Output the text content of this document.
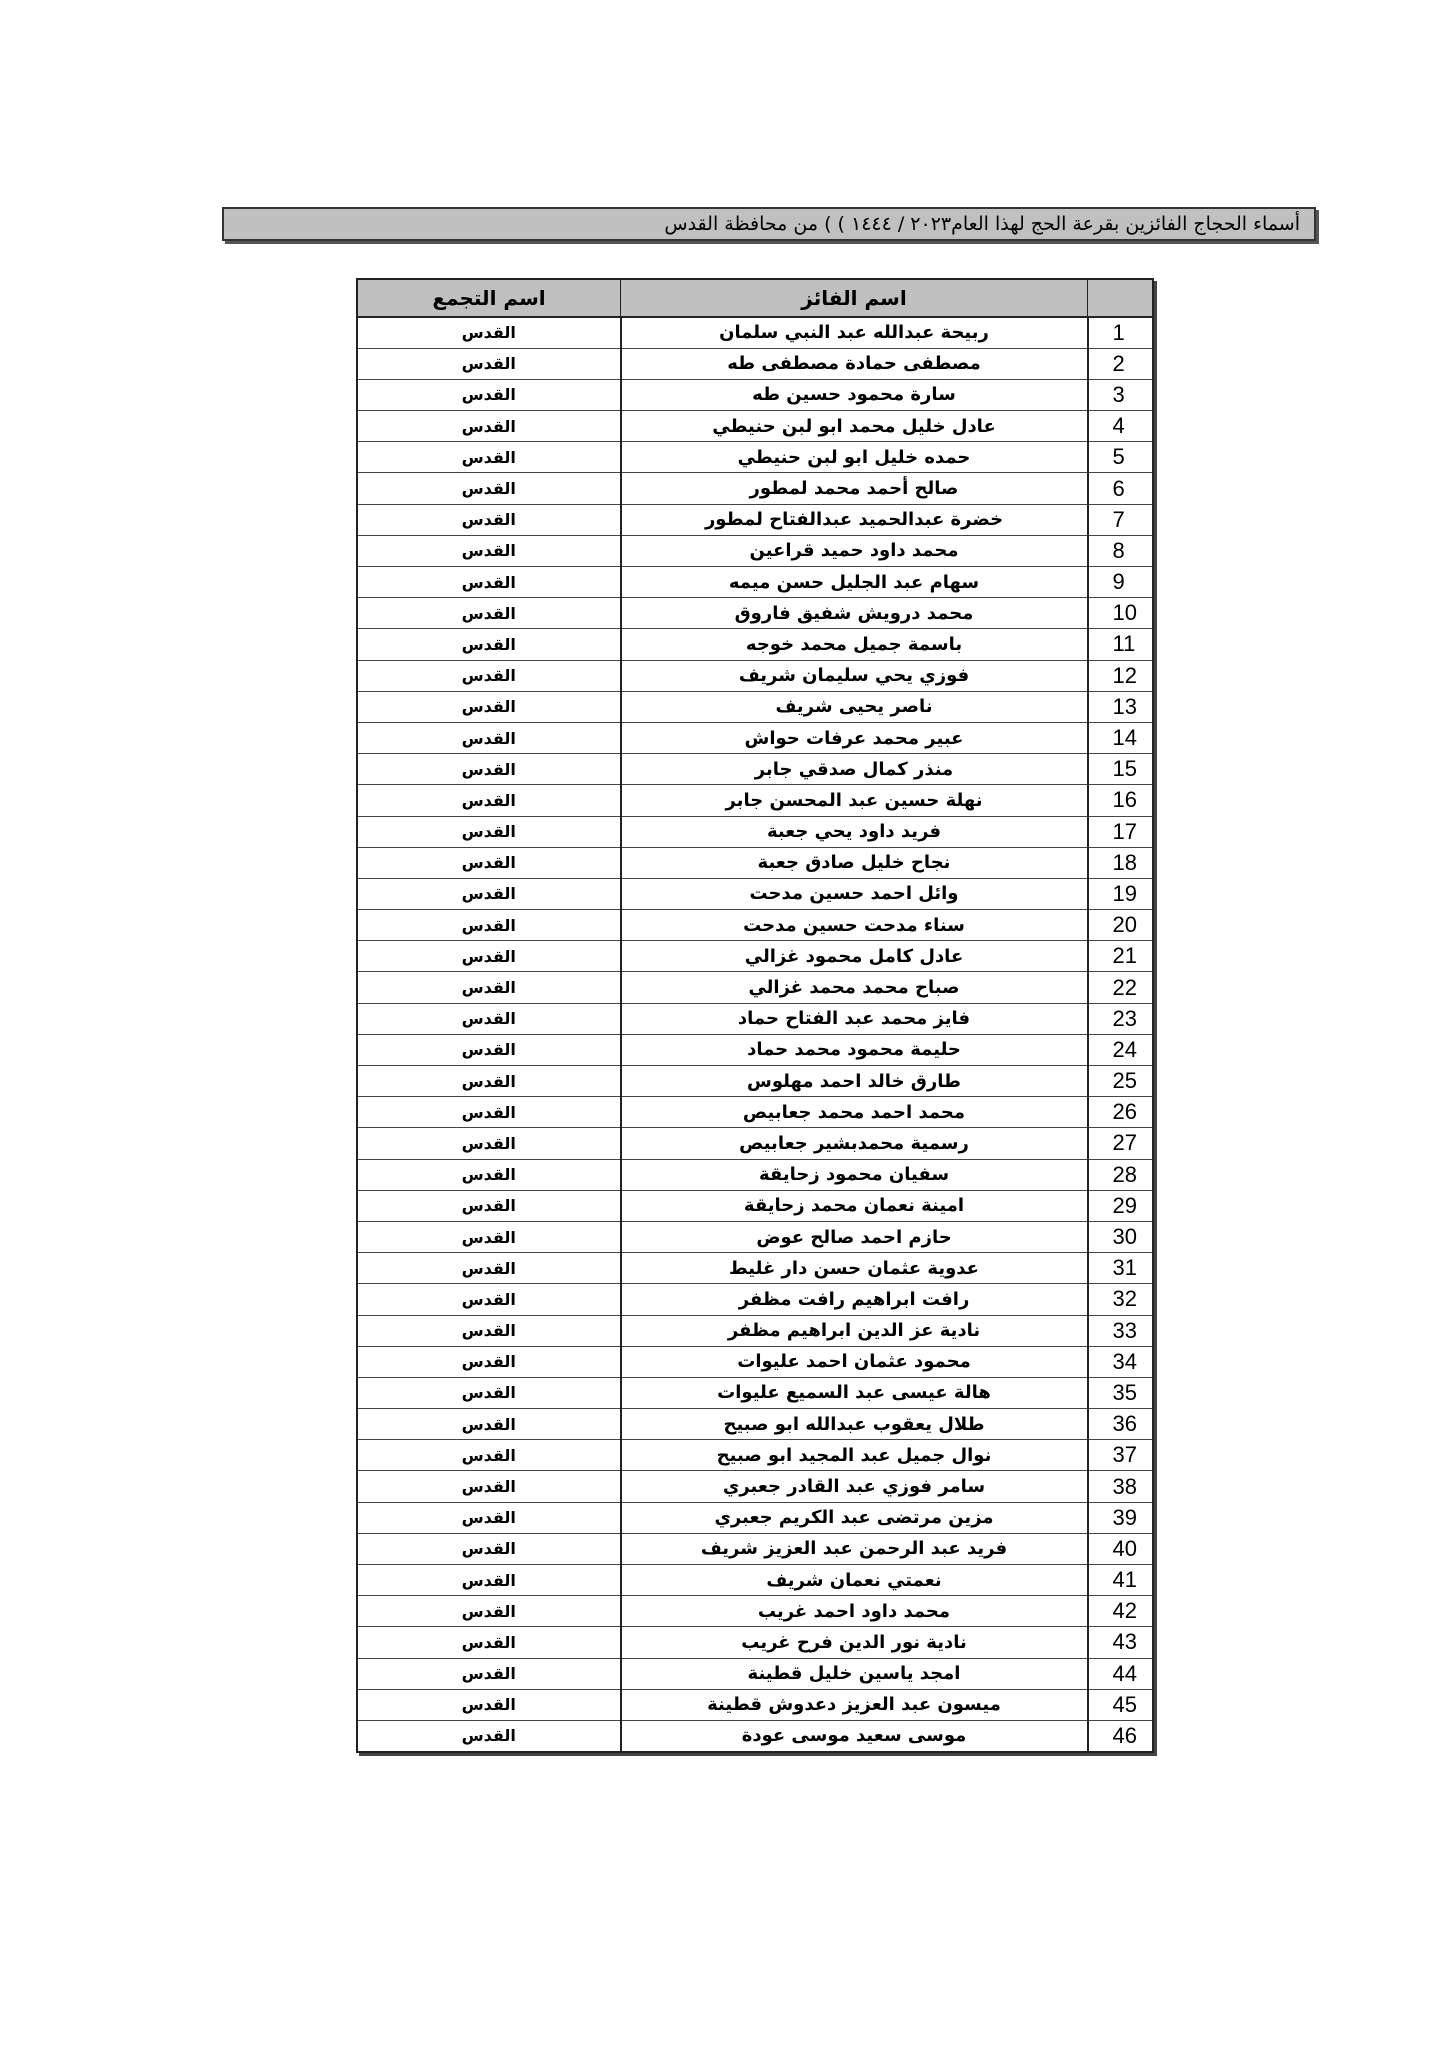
أسماء الحجاج الفائزين بقرعة الحج لهذا العام٢٠٢٣ / ١٤٤٤ ) ) من محافظة القدس
اسم التجمع	اسم الفائز	
القدس	ربيحة عبدالله عبد النبي سلمان	1
القدس	مصطفى حمادة مصطفى طه	2
القدس	سارة محمود حسين طه	3
القدس	عادل خليل محمد ابو لبن حنيطي	4
القدس	حمده خليل ابو لبن حنيطي	5
القدس	صالح أحمد محمد لمطور	6
القدس	خضرة عبدالحميد عبدالفتاح لمطور	7
القدس	محمد داود حميد قراعين	8
القدس	سهام عبد الجليل حسن ميمه	9
القدس	محمد درويش شفيق فاروق	10
القدس	باسمة جميل محمد خوجه	11
القدس	فوزي يحي سليمان شريف	12
القدس	ناصر يحيى شريف	13
القدس	عبير محمد عرفات حواش	14
القدس	منذر كمال صدقي جابر	15
القدس	نهلة حسين عبد المحسن جابر	16
القدس	فريد داود يحي جعبة	17
القدس	نجاح خليل صادق جعبة	18
القدس	وائل احمد حسين مدحت	19
القدس	سناء مدحت حسين مدحت	20
القدس	عادل كامل محمود غزالي	21
القدس	صباح محمد محمد غزالي	22
القدس	فايز محمد عبد الفتاح حماد	23
القدس	حليمة محمود محمد حماد	24
القدس	طارق خالد احمد مهلوس	25
القدس	محمد احمد محمد جعابيص	26
القدس	رسمية محمدبشير جعابيص	27
القدس	سفيان محمود زحايقة	28
القدس	امينة نعمان محمد زحايقة	29
القدس	حازم احمد صالح عوض	30
القدس	عدوية عثمان حسن دار غليط	31
القدس	رافت ابراهيم رافت مظفر	32
القدس	نادية عز الدين ابراهيم مظفر	33
القدس	محمود عثمان احمد عليوات	34
القدس	هالة عيسى عبد السميع عليوات	35
القدس	طلال يعقوب عبدالله ابو صبيح	36
القدس	نوال جميل عبد المجيد ابو صبيح	37
القدس	سامر فوزي عبد القادر جعبري	38
القدس	مزين مرتضى عبد الكريم جعبري	39
القدس	فريد عبد الرحمن عبد العزيز شريف	40
القدس	نعمتي نعمان شريف	41
القدس	محمد داود احمد غريب	42
القدس	نادية نور الدين فرح غريب	43
القدس	امجد ياسين خليل قطينة	44
القدس	ميسون عبد العزيز دعدوش قطينة	45
القدس	موسى سعيد موسى عودة	46
